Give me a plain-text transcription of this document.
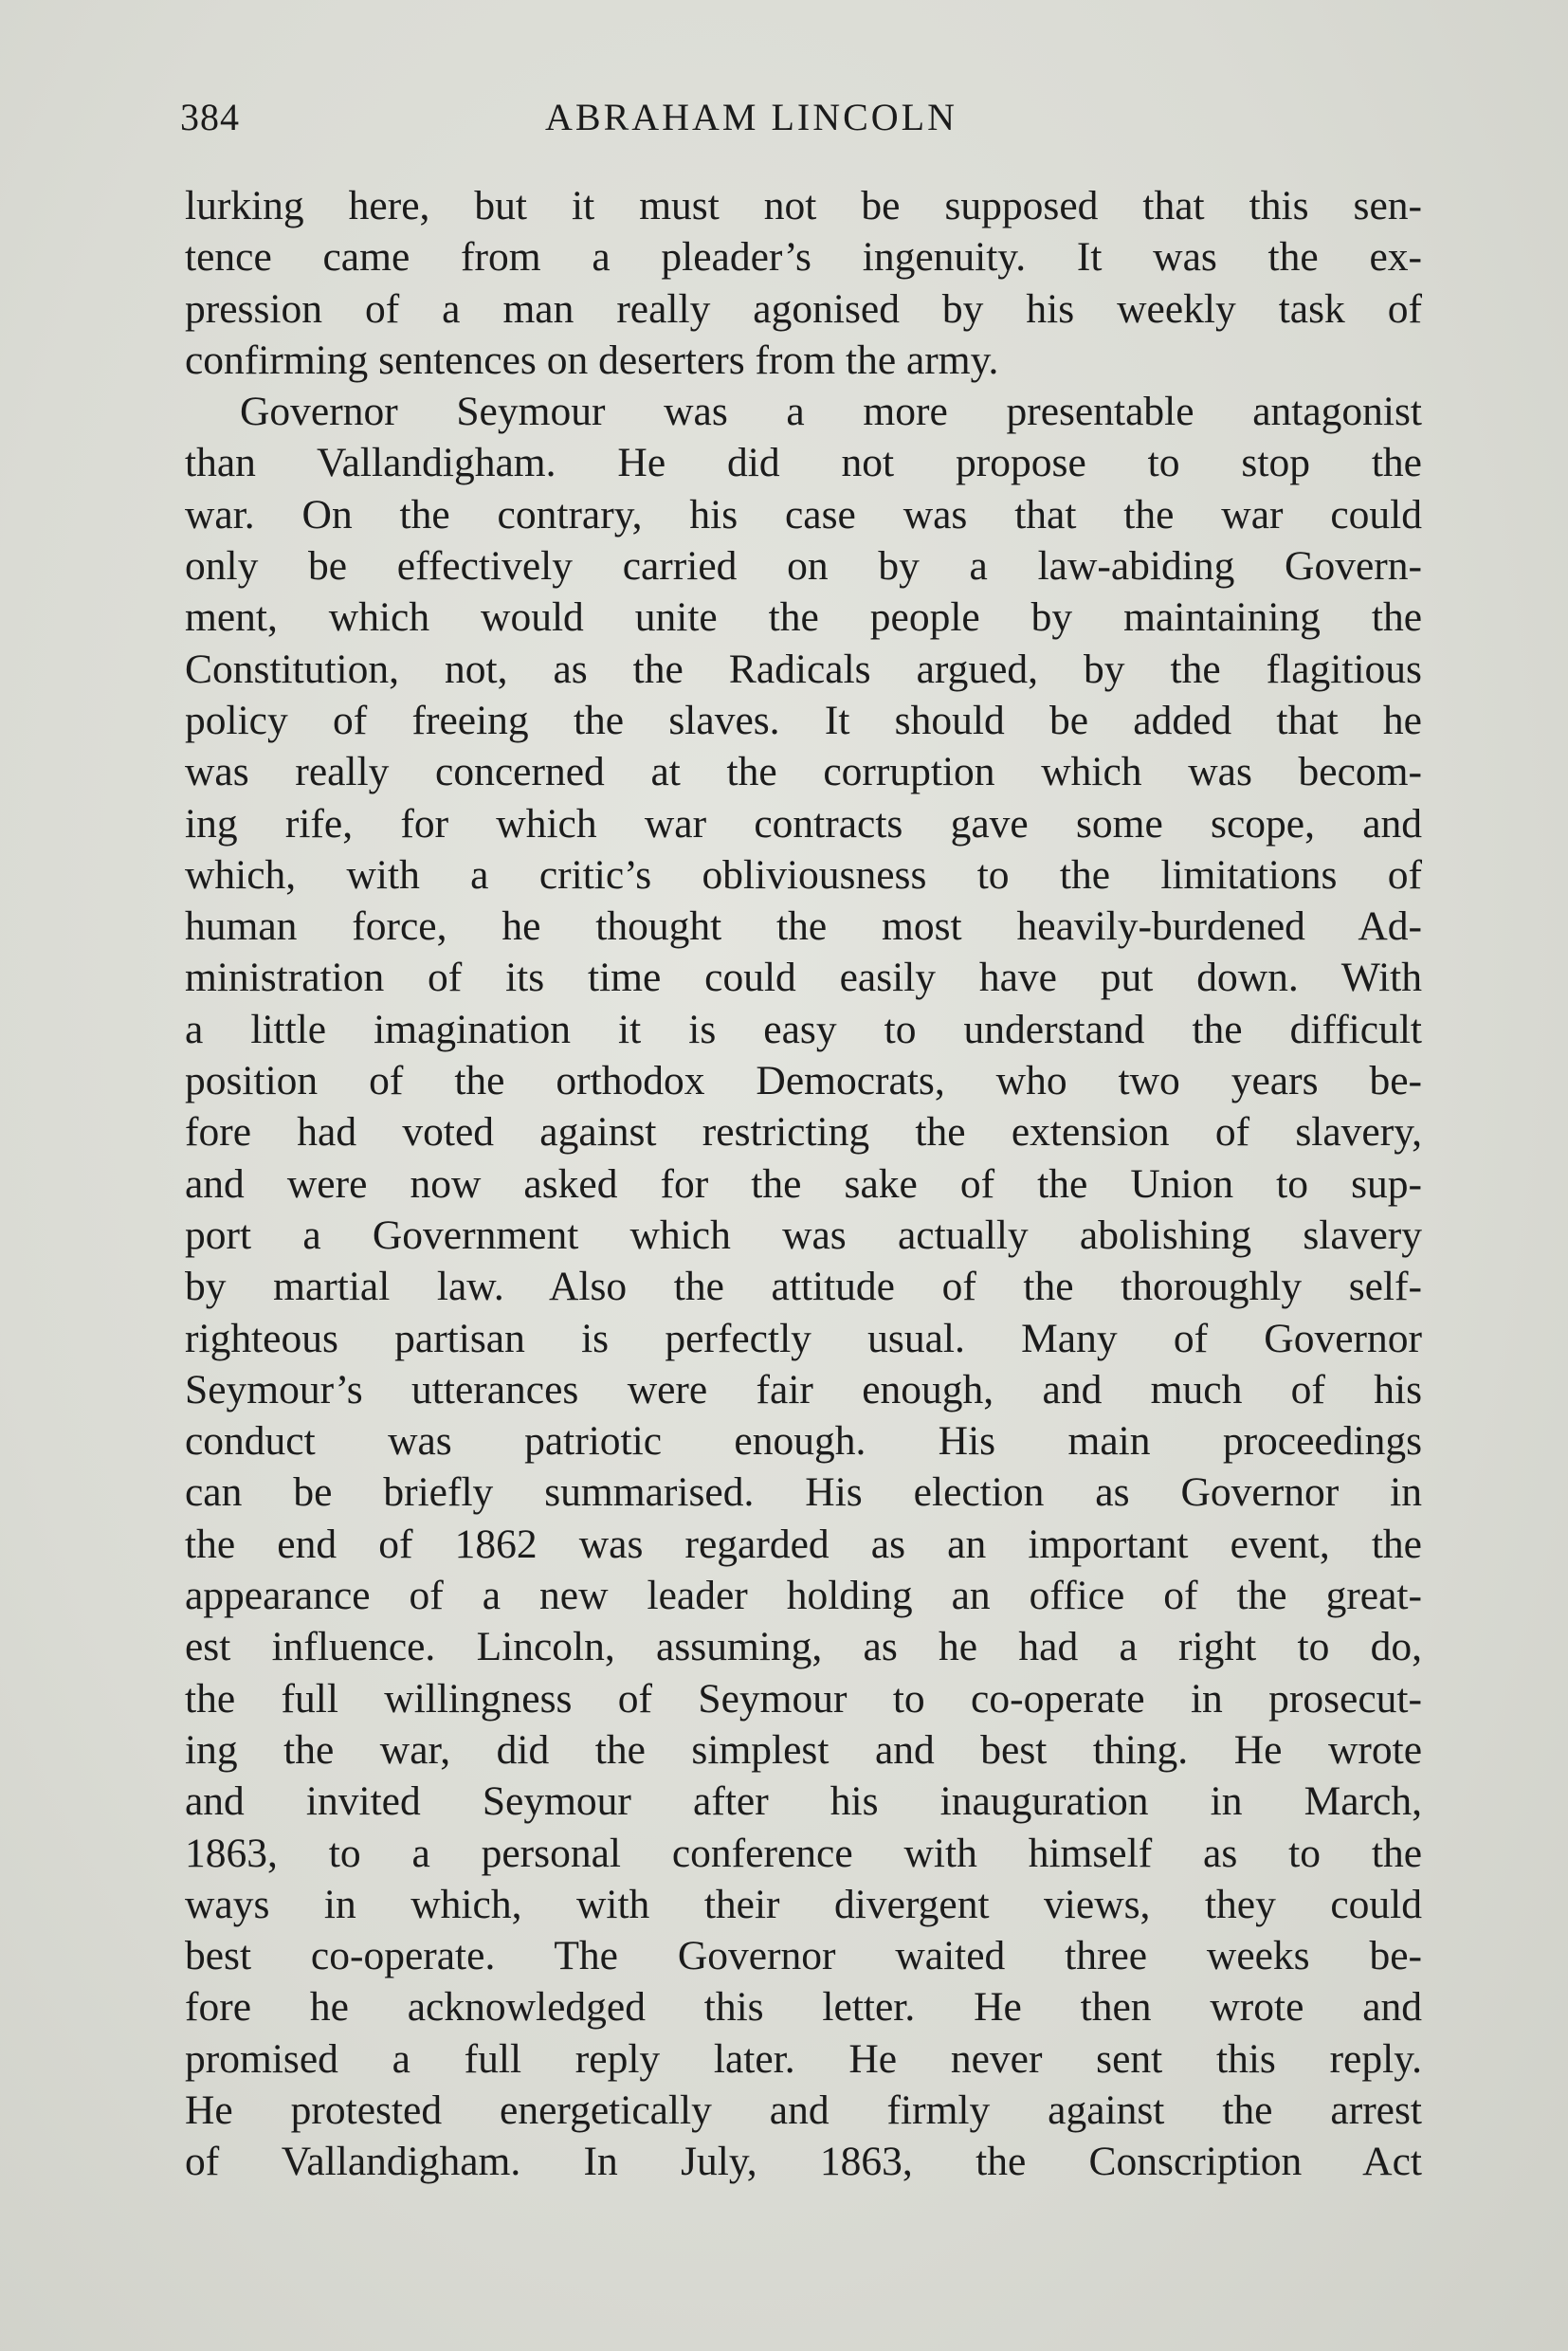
384	ABRAHAM LINCOLN
lurking here, but it must not be supposed that this sen-
tence came from a pleader’s ingenuity. It was the ex-
pression of a man really agonised by his weekly task of
confirming sentences on deserters from the army.
Governor Seymour was a more presentable antagonist
than Vallandigham. He did not propose to stop the
war. On the contrary, his case was that the war could
only be effectively carried on by a law-abiding Govern-
ment, which would unite the people by maintaining the
Constitution, not, as the Radicals argued, by the flagitious
policy of freeing the slaves. It should be added that he
was really concerned at the corruption which was becom-
ing rife, for which war contracts gave some scope, and
which, with a critic’s obliviousness to the limitations of
human force, he thought the most heavily-burdened Ad-
ministration of its time could easily have put down. With
a little imagination it is easy to understand the difficult
position of the orthodox Democrats, who two years be-
fore had voted against restricting the extension of slavery,
and were now asked for the sake of the Union to sup-
port a Government which was actually abolishing slavery
by martial law. Also the attitude of the thoroughly self-
righteous partisan is perfectly usual. Many of Governor
Seymour’s utterances were fair enough, and much of his
conduct was patriotic enough. His main proceedings
can be briefly summarised. His election as Governor in
the end of 1862 was regarded as an important event, the
appearance of a new leader holding an office of the great-
est influence. Lincoln, assuming, as he had a right to do,
the full willingness of Seymour to co-operate in prosecut-
ing the war, did the simplest and best thing. He wrote
and invited Seymour after his inauguration in March,
1863, to a personal conference with himself as to the
ways in which, with their divergent views, they could
best co-operate. The Governor waited three weeks be-
fore he acknowledged this letter. He then wrote and
promised a full reply later. He never sent this reply.
He protested energetically and firmly against the arrest
of Vallandigham. In July, 1863, the Conscription Act
